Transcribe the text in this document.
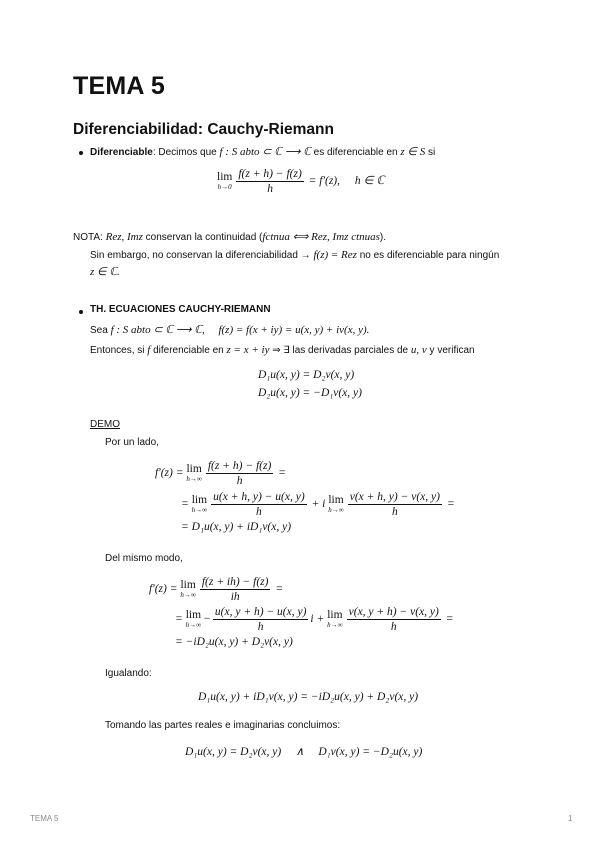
TEMA 5
Diferenciabilidad: Cauchy-Riemann
Diferenciable: Decimos que f : S abto ⊂ ℂ ⟶ ℂ es diferenciable en z ∈ S si
lim
$h\to 0 \frac{f(z + h) - f(z)}{h} = f'(z)$, h ∈ ℂ
NOTA: Rez, Imz conservan la continuidad (fctnua ⟺ Rez, Imz ctnuas).
Sin embargo, no conservan la diferenciabilidad → f(z) = Rez no es diferenciable para ningún
z ∈ ℂ.
TH. ECUACIONES CAUCHY-RIEMANN
Sea f : S abto ⊂ ℂ ⟶ ℂ,     f(z) = f(x + iy) = u(x, y) + iv(x, y).
Entonces, si f diferenciable en z = x + iy ⇒ ∃ las derivadas parciales de u, v y verifican
D₁u(x, y) = D₂v(x, y)
D₂u(x, y) = −D₁v(x, y)
DEMO
Por un lado,
f′(z) = lim
$h\to\infty \frac{f(z + h) - f(z)}{h}$ =
= lim
$h\to\infty \frac{u(x + h, y) - u(x, y)}{h} + i$ lim
$h\to\infty \frac{v(x + h, y) - v(x, y)}{h}$ =
= D₁u(x, y) + iD₁v(x, y)
Del mismo modo,
f′(z) = lim
$h\to\infty \frac{f(z + ih) - f(z)}{ih}$ =
= lim
h→∞
− $\frac{u(x, y + h) - u(x, y)}{h}$ i + lim
$h\to\infty \frac{v(x, y + h) - v(x, y)}{h}$ =
= −iD₂u(x, y) + D₂v(x, y)
Igualando:
D₁u(x, y) + iD₁v(x, y) = −iD₂u(x, y) + D₂v(x, y)
Tomando las partes reales e imaginarias concluimos:
D₁u(x, y) = D₂v(x, y)     ∧     D₁v(x, y) = −D₂u(x, y)
TEMA 5	1
